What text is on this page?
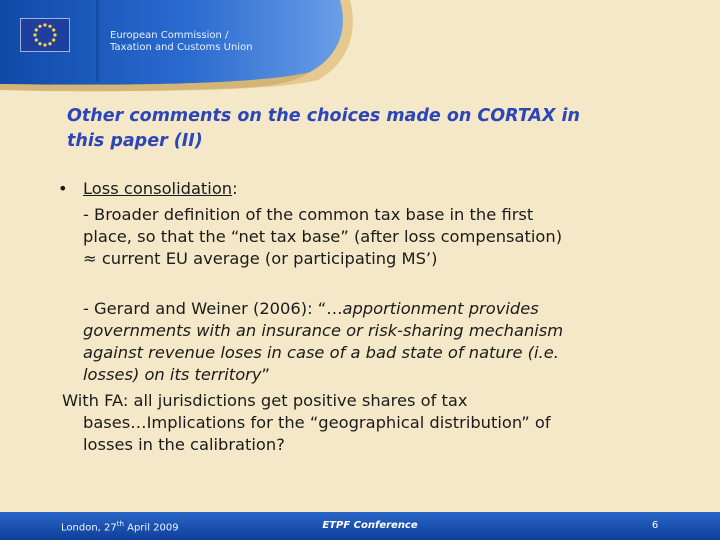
European Commission /
Taxation and Customs Union
Other comments on the choices made on CORTAX in
this paper (II)
• Loss consolidation:
- Broader definition of the common tax base in the first
place, so that the “net tax base” (after loss compensation)
≈ current EU average (or participating MS’)
- Gerard and Weiner (2006): “…apportionment provides
governments with an insurance or risk-sharing mechanism
against revenue loses in case of a bad state of nature (i.e.
losses) on its territory”
With FA: all jurisdictions get positive shares of tax
bases…Implications for the “geographical distribution” of
losses in the calibration?
London, 27th April 2009	ETPF Conference	6
